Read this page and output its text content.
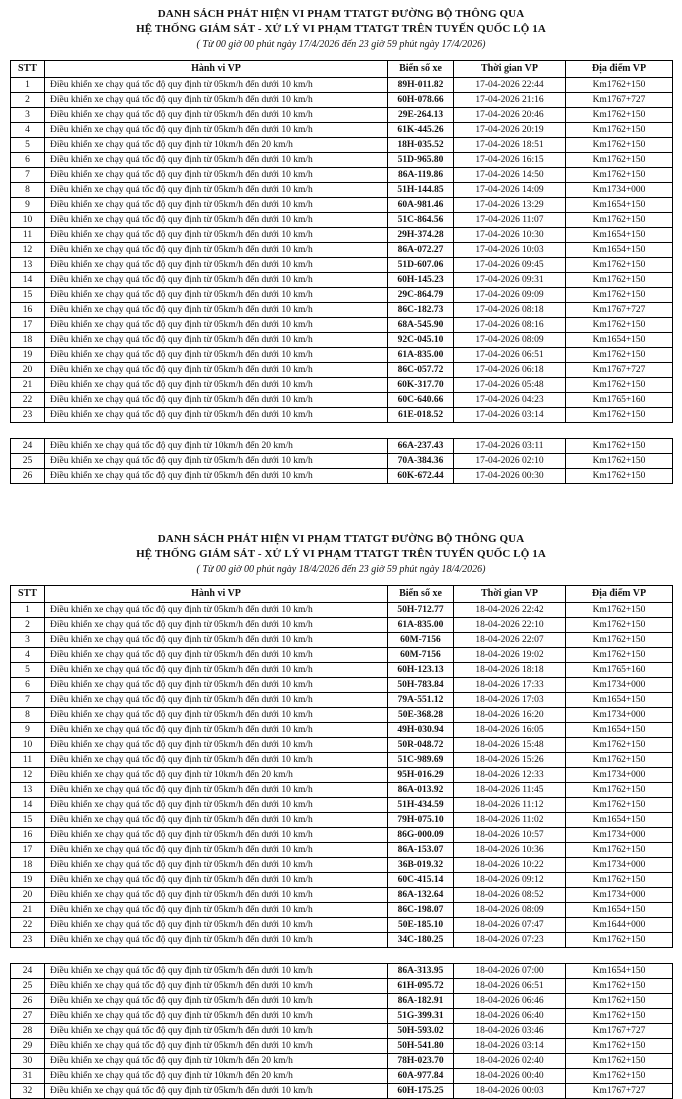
DANH SÁCH PHÁT HIỆN VI PHẠM TTATGT ĐƯỜNG BỘ THÔNG QUA
HỆ THỐNG GIÁM SÁT - XỬ LÝ VI PHẠM TTATGT TRÊN TUYẾN QUỐC LỘ 1A
( Từ 00 giờ 00 phút ngày 17/4/2026 đến 23 giờ 59 phút ngày 17/4/2026)
STT	Hành vi VP	Biển số xe	Thời gian VP	Địa điểm VP
1	Điều khiển xe chạy quá tốc độ quy định từ 05km/h đến dưới 10 km/h	89H-011.82	17-04-2026 22:44	Km1762+150
2	Điều khiển xe chạy quá tốc độ quy định từ 05km/h đến dưới 10 km/h	60H-078.66	17-04-2026 21:16	Km1767+727
3	Điều khiển xe chạy quá tốc độ quy định từ 05km/h đến dưới 10 km/h	29E-264.13	17-04-2026 20:46	Km1762+150
4	Điều khiển xe chạy quá tốc độ quy định từ 05km/h đến dưới 10 km/h	61K-445.26	17-04-2026 20:19	Km1762+150
5	Điều khiển xe chạy quá tốc độ quy định từ 10km/h đến 20 km/h	18H-035.52	17-04-2026 18:51	Km1762+150
6	Điều khiển xe chạy quá tốc độ quy định từ 05km/h đến dưới 10 km/h	51D-965.80	17-04-2026 16:15	Km1762+150
7	Điều khiển xe chạy quá tốc độ quy định từ 05km/h đến dưới 10 km/h	86A-119.86	17-04-2026 14:50	Km1762+150
8	Điều khiển xe chạy quá tốc độ quy định từ 05km/h đến dưới 10 km/h	51H-144.85	17-04-2026 14:09	Km1734+000
9	Điều khiển xe chạy quá tốc độ quy định từ 05km/h đến dưới 10 km/h	60A-981.46	17-04-2026 13:29	Km1654+150
10	Điều khiển xe chạy quá tốc độ quy định từ 05km/h đến dưới 10 km/h	51C-864.56	17-04-2026 11:07	Km1762+150
11	Điều khiển xe chạy quá tốc độ quy định từ 05km/h đến dưới 10 km/h	29H-374.28	17-04-2026 10:30	Km1654+150
12	Điều khiển xe chạy quá tốc độ quy định từ 05km/h đến dưới 10 km/h	86A-072.27	17-04-2026 10:03	Km1654+150
13	Điều khiển xe chạy quá tốc độ quy định từ 05km/h đến dưới 10 km/h	51D-607.06	17-04-2026 09:45	Km1762+150
14	Điều khiển xe chạy quá tốc độ quy định từ 05km/h đến dưới 10 km/h	60H-145.23	17-04-2026 09:31	Km1762+150
15	Điều khiển xe chạy quá tốc độ quy định từ 05km/h đến dưới 10 km/h	29C-864.79	17-04-2026 09:09	Km1762+150
16	Điều khiển xe chạy quá tốc độ quy định từ 05km/h đến dưới 10 km/h	86C-182.73	17-04-2026 08:18	Km1767+727
17	Điều khiển xe chạy quá tốc độ quy định từ 05km/h đến dưới 10 km/h	68A-545.90	17-04-2026 08:16	Km1762+150
18	Điều khiển xe chạy quá tốc độ quy định từ 05km/h đến dưới 10 km/h	92C-045.10	17-04-2026 08:09	Km1654+150
19	Điều khiển xe chạy quá tốc độ quy định từ 05km/h đến dưới 10 km/h	61A-835.00	17-04-2026 06:51	Km1762+150
20	Điều khiển xe chạy quá tốc độ quy định từ 05km/h đến dưới 10 km/h	86C-057.72	17-04-2026 06:18	Km1767+727
21	Điều khiển xe chạy quá tốc độ quy định từ 05km/h đến dưới 10 km/h	60K-317.70	17-04-2026 05:48	Km1762+150
22	Điều khiển xe chạy quá tốc độ quy định từ 05km/h đến dưới 10 km/h	60C-640.66	17-04-2026 04:23	Km1765+160
23	Điều khiển xe chạy quá tốc độ quy định từ 05km/h đến dưới 10 km/h	61E-018.52	17-04-2026 03:14	Km1762+150
24	Điều khiển xe chạy quá tốc độ quy định từ 10km/h đến 20 km/h	66A-237.43	17-04-2026 03:11	Km1762+150
25	Điều khiển xe chạy quá tốc độ quy định từ 05km/h đến dưới 10 km/h	70A-384.36	17-04-2026 02:10	Km1762+150
26	Điều khiển xe chạy quá tốc độ quy định từ 05km/h đến dưới 10 km/h	60K-672.44	17-04-2026 00:30	Km1762+150
DANH SÁCH PHÁT HIỆN VI PHẠM TTATGT ĐƯỜNG BỘ THÔNG QUA
HỆ THỐNG GIÁM SÁT - XỬ LÝ VI PHẠM TTATGT TRÊN TUYẾN QUỐC LỘ 1A
( Từ 00 giờ 00 phút ngày 18/4/2026 đến 23 giờ 59 phút ngày 18/4/2026)
STT	Hành vi VP	Biển số xe	Thời gian VP	Địa điểm VP
1	Điều khiển xe chạy quá tốc độ quy định từ 05km/h đến dưới 10 km/h	50H-712.77	18-04-2026 22:42	Km1762+150
2	Điều khiển xe chạy quá tốc độ quy định từ 05km/h đến dưới 10 km/h	61A-835.00	18-04-2026 22:10	Km1762+150
3	Điều khiển xe chạy quá tốc độ quy định từ 05km/h đến dưới 10 km/h	60M-7156	18-04-2026 22:07	Km1762+150
4	Điều khiển xe chạy quá tốc độ quy định từ 05km/h đến dưới 10 km/h	60M-7156	18-04-2026 19:02	Km1762+150
5	Điều khiển xe chạy quá tốc độ quy định từ 05km/h đến dưới 10 km/h	60H-123.13	18-04-2026 18:18	Km1765+160
6	Điều khiển xe chạy quá tốc độ quy định từ 05km/h đến dưới 10 km/h	50H-783.84	18-04-2026 17:33	Km1734+000
7	Điều khiển xe chạy quá tốc độ quy định từ 05km/h đến dưới 10 km/h	79A-551.12	18-04-2026 17:03	Km1654+150
8	Điều khiển xe chạy quá tốc độ quy định từ 05km/h đến dưới 10 km/h	50E-368.28	18-04-2026 16:20	Km1734+000
9	Điều khiển xe chạy quá tốc độ quy định từ 05km/h đến dưới 10 km/h	49H-030.94	18-04-2026 16:05	Km1654+150
10	Điều khiển xe chạy quá tốc độ quy định từ 05km/h đến dưới 10 km/h	50R-048.72	18-04-2026 15:48	Km1762+150
11	Điều khiển xe chạy quá tốc độ quy định từ 05km/h đến dưới 10 km/h	51C-989.69	18-04-2026 15:26	Km1762+150
12	Điều khiển xe chạy quá tốc độ quy định từ 10km/h đến 20 km/h	95H-016.29	18-04-2026 12:33	Km1734+000
13	Điều khiển xe chạy quá tốc độ quy định từ 05km/h đến dưới 10 km/h	86A-013.92	18-04-2026 11:45	Km1762+150
14	Điều khiển xe chạy quá tốc độ quy định từ 05km/h đến dưới 10 km/h	51H-434.59	18-04-2026 11:12	Km1762+150
15	Điều khiển xe chạy quá tốc độ quy định từ 05km/h đến dưới 10 km/h	79H-075.10	18-04-2026 11:02	Km1654+150
16	Điều khiển xe chạy quá tốc độ quy định từ 05km/h đến dưới 10 km/h	86G-000.09	18-04-2026 10:57	Km1734+000
17	Điều khiển xe chạy quá tốc độ quy định từ 05km/h đến dưới 10 km/h	86A-153.07	18-04-2026 10:36	Km1762+150
18	Điều khiển xe chạy quá tốc độ quy định từ 05km/h đến dưới 10 km/h	36B-019.32	18-04-2026 10:22	Km1734+000
19	Điều khiển xe chạy quá tốc độ quy định từ 05km/h đến dưới 10 km/h	60C-415.14	18-04-2026 09:12	Km1762+150
20	Điều khiển xe chạy quá tốc độ quy định từ 05km/h đến dưới 10 km/h	86A-132.64	18-04-2026 08:52	Km1734+000
21	Điều khiển xe chạy quá tốc độ quy định từ 05km/h đến dưới 10 km/h	86C-198.07	18-04-2026 08:09	Km1654+150
22	Điều khiển xe chạy quá tốc độ quy định từ 05km/h đến dưới 10 km/h	50E-185.10	18-04-2026 07:47	Km1644+000
23	Điều khiển xe chạy quá tốc độ quy định từ 05km/h đến dưới 10 km/h	34C-180.25	18-04-2026 07:23	Km1762+150
24	Điều khiển xe chạy quá tốc độ quy định từ 05km/h đến dưới 10 km/h	86A-313.95	18-04-2026 07:00	Km1654+150
25	Điều khiển xe chạy quá tốc độ quy định từ 05km/h đến dưới 10 km/h	61H-095.72	18-04-2026 06:51	Km1762+150
26	Điều khiển xe chạy quá tốc độ quy định từ 05km/h đến dưới 10 km/h	86A-182.91	18-04-2026 06:46	Km1762+150
27	Điều khiển xe chạy quá tốc độ quy định từ 05km/h đến dưới 10 km/h	51G-399.31	18-04-2026 06:40	Km1762+150
28	Điều khiển xe chạy quá tốc độ quy định từ 05km/h đến dưới 10 km/h	50H-593.02	18-04-2026 03:46	Km1767+727
29	Điều khiển xe chạy quá tốc độ quy định từ 05km/h đến dưới 10 km/h	50H-541.80	18-04-2026 03:14	Km1762+150
30	Điều khiển xe chạy quá tốc độ quy định từ 10km/h đến 20 km/h	78H-023.70	18-04-2026 02:40	Km1762+150
31	Điều khiển xe chạy quá tốc độ quy định từ 10km/h đến 20 km/h	60A-977.84	18-04-2026 00:40	Km1762+150
32	Điều khiển xe chạy quá tốc độ quy định từ 05km/h đến dưới 10 km/h	60H-175.25	18-04-2026 00:03	Km1767+727
